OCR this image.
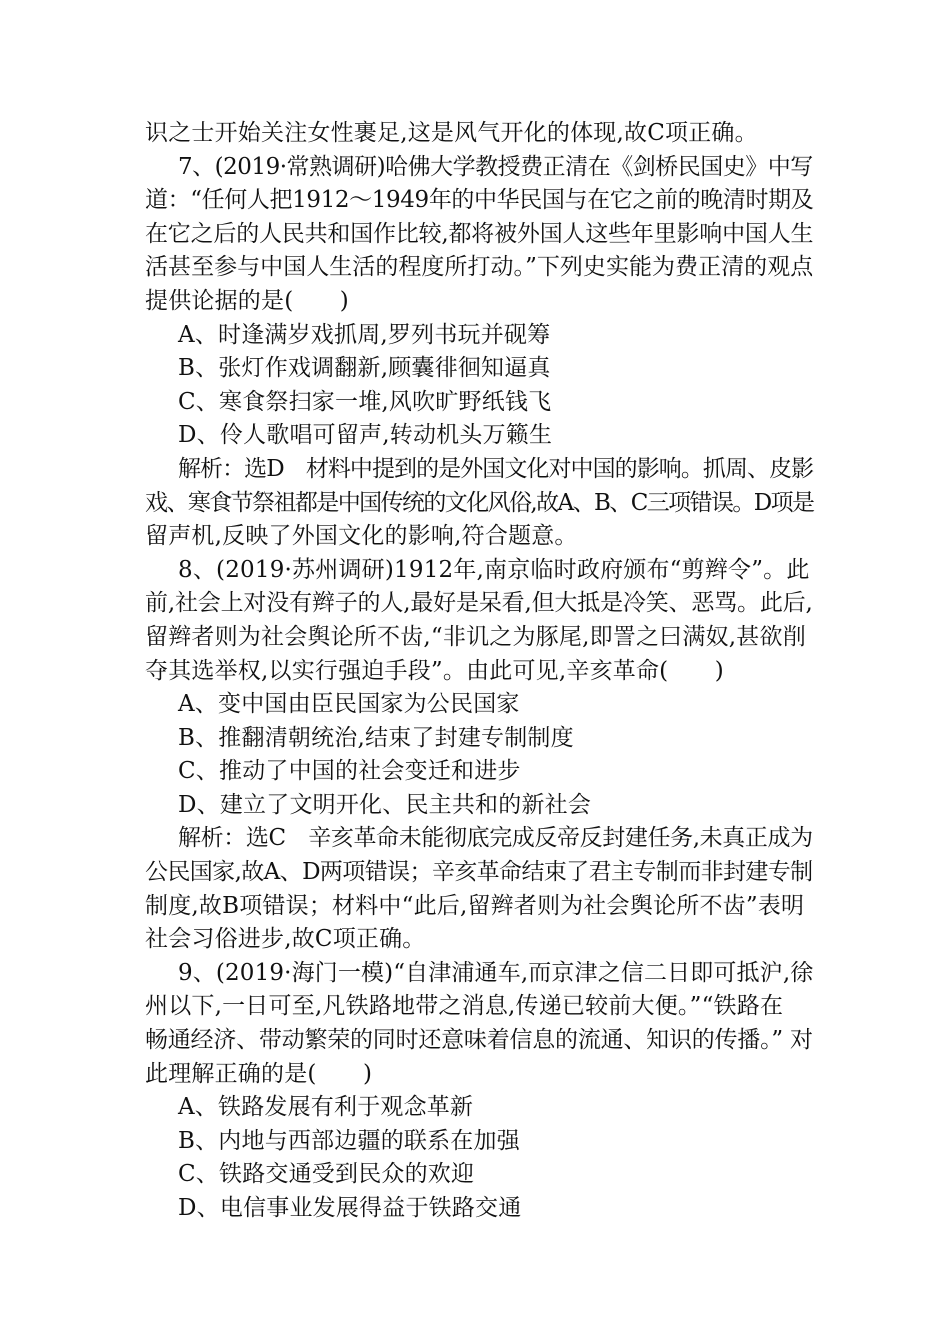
识之士开始关注女性裹足,这是风气开化的体现,故C项正确。
7、(2019·常熟调研)哈佛大学教授费正清在《剑桥民国史》中写
道：“任何人把1912～1949年的中华民国与在它之前的晚清时期及
在它之后的人民共和国作比较,都将被外国人这些年里影响中国人生
活甚至参与中国人生活的程度所打动。”下列史实能为费正清的观点
提供论据的是(　　)
A、时逢满岁戏抓周,罗列书玩并砚筹
B、张灯作戏调翻新,顾囊徘徊知逼真
C、寒食祭扫家一堆,风吹旷野纸钱飞
D、伶人歌唱可留声,转动机头万籁生
解析：选D　材料中提到的是外国文化对中国的影响。抓周、皮影
戏、寒食节祭祖都是中国传统的文化风俗,故A、B、C三项错误。D项是
留声机,反映了外国文化的影响,符合题意。
8、(2019·苏州调研)1912年,南京临时政府颁布“剪辫令”。此
前,社会上对没有辫子的人,最好是呆看,但大抵是冷笑、恶骂。此后,
留辫者则为社会舆论所不齿,“非讥之为豚尾,即詈之曰满奴,甚欲削
夺其选举权,以实行强迫手段”。由此可见,辛亥革命(　　)
A、变中国由臣民国家为公民国家
B、推翻清朝统治,结束了封建专制制度
C、推动了中国的社会变迁和进步
D、建立了文明开化、民主共和的新社会
解析：选C　辛亥革命未能彻底完成反帝反封建任务,未真正成为
公民国家,故A、D两项错误；辛亥革命结束了君主专制而非封建专制
制度,故B项错误；材料中“此后,留辫者则为社会舆论所不齿”表明
社会习俗进步,故C项正确。
9、(2019·海门一模)“自津浦通车,而京津之信二日即可抵沪,徐
州以下,一日可至,凡铁路地带之消息,传递已较前大便。”“铁路在
畅通经济、带动繁荣的同时还意味着信息的流通、知识的传播。” 对
此理解正确的是(　　)
A、铁路发展有利于观念革新
B、内地与西部边疆的联系在加强
C、铁路交通受到民众的欢迎
D、电信事业发展得益于铁路交通
